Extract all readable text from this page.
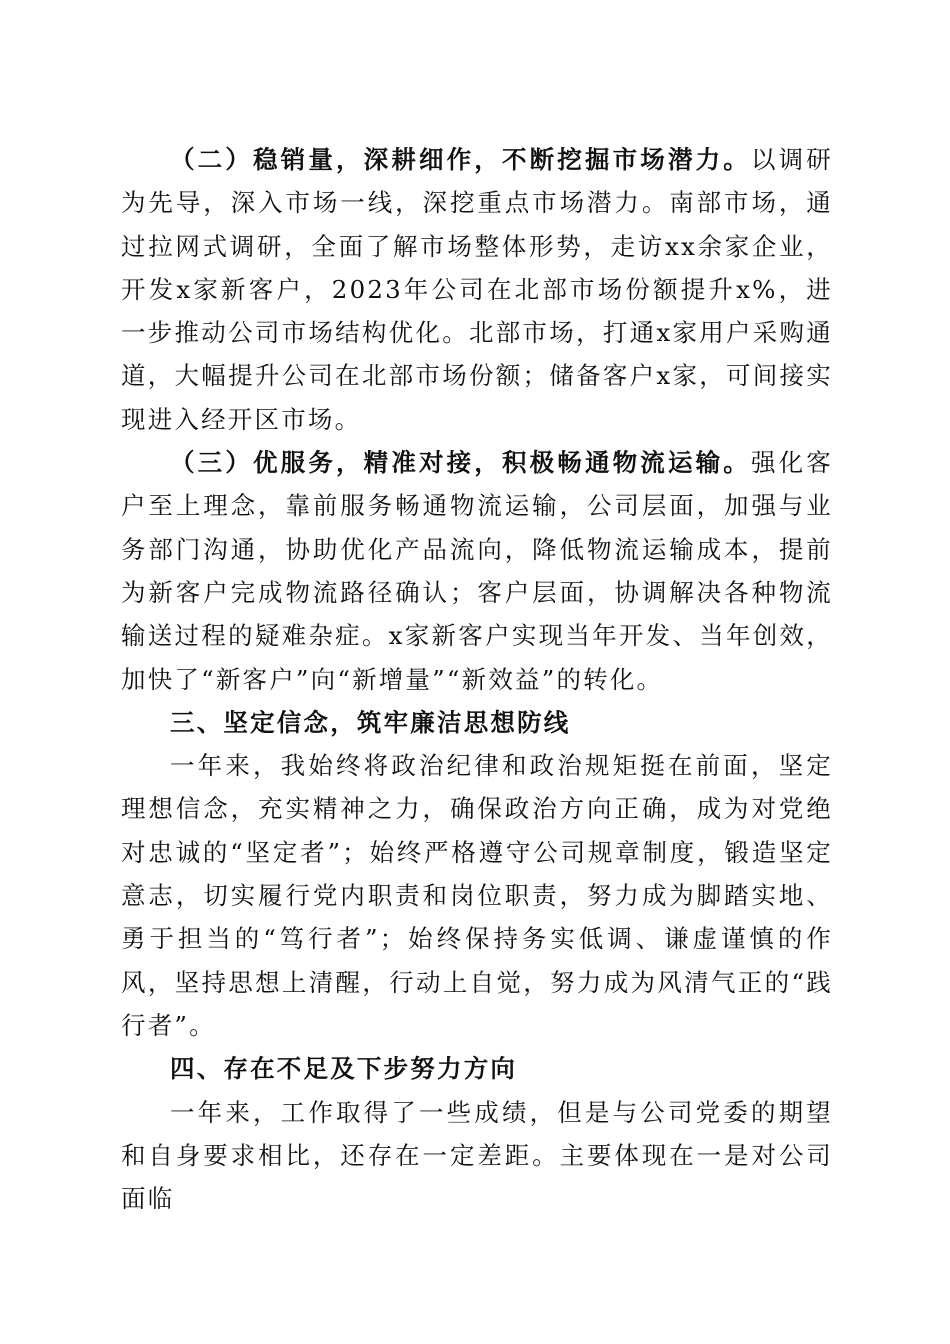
（二）稳销量，深耕细作，不断挖掘市场潜力。以调研为先导，深入市场一线，深挖重点市场潜力。南部市场，通过拉网式调研，全面了解市场整体形势，走访xx余家企业，开发x家新客户，2023年公司在北部市场份额提升x%，进一步推动公司市场结构优化。北部市场，打通x家用户采购通道，大幅提升公司在北部市场份额；储备客户x家，可间接实现进入经开区市场。

（三）优服务，精准对接，积极畅通物流运输。强化客户至上理念，靠前服务畅通物流运输，公司层面，加强与业务部门沟通，协助优化产品流向，降低物流运输成本，提前为新客户完成物流路径确认；客户层面，协调解决各种物流输送过程的疑难杂症。x家新客户实现当年开发、当年创效，加快了“新客户”向“新增量”“新效益”的转化。

三、坚定信念，筑牢廉洁思想防线

一年来，我始终将政治纪律和政治规矩挺在前面，坚定理想信念，充实精神之力，确保政治方向正确，成为对党绝对忠诚的“坚定者”；始终严格遵守公司规章制度，锻造坚定意志，切实履行党内职责和岗位职责，努力成为脚踏实地、勇于担当的“笃行者”；始终保持务实低调、谦虚谨慎的作风，坚持思想上清醒，行动上自觉，努力成为风清气正的“践行者”。

四、存在不足及下步努力方向

一年来，工作取得了一些成绩，但是与公司党委的期望和自身要求相比，还存在一定差距。主要体现在一是对公司面临
